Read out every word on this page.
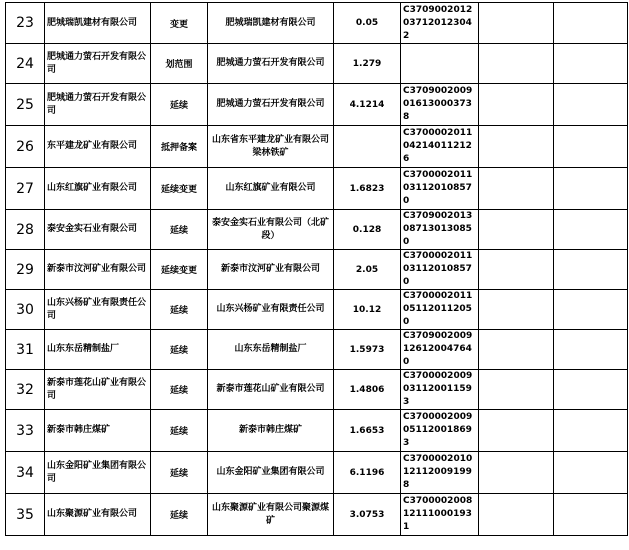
23	肥城瑞凯建材有限公司	变更	肥城瑞凯建材有限公司	0.05	C3709002012037120123042		
24	肥城通力萤石开发有限公司	划范围	肥城通力萤石开发有限公司	1.279			
25	肥城通力萤石开发有限公司	延续	肥城通力萤石开发有限公司	4.1214	C3709002009016130003738		
26	东平建龙矿业有限公司	抵押备案	山东省东平建龙矿业有限公司梁林铁矿		C3700002011042140112126		
27	山东红旗矿业有限公司	延续变更	山东红旗矿业有限公司	1.6823	C3700002011031120108570		
28	泰安金实石业有限公司	延续	泰安金实石业有限公司（北矿段）	0.128	C3709002013087130130850		
29	新泰市汶河矿业有限公司	延续变更	新泰市汶河矿业有限公司	2.05	C3700002011031120108570		
30	山东兴杨矿业有限责任公司	延续	山东兴杨矿业有限责任公司	10.12	C3700002011051120112050		
31	山东东岳精制盐厂	延续	山东东岳精制盐厂	1.5973	C3709002009126120047640		
32	新泰市莲花山矿业有限公司	延续	新泰市莲花山矿业有限公司	1.4806	C3700002009031120011593		
33	新泰市韩庄煤矿	延续	新泰市韩庄煤矿	1.6653	C3700002009051120018693		
34	山东金阳矿业集团有限公司	延续	山东金阳矿业集团有限公司	6.1196	C3700002010121120091998		
35	山东聚源矿业有限公司	延续	山东聚源矿业有限公司聚源煤矿	3.0753	C3700002008121110001931		
